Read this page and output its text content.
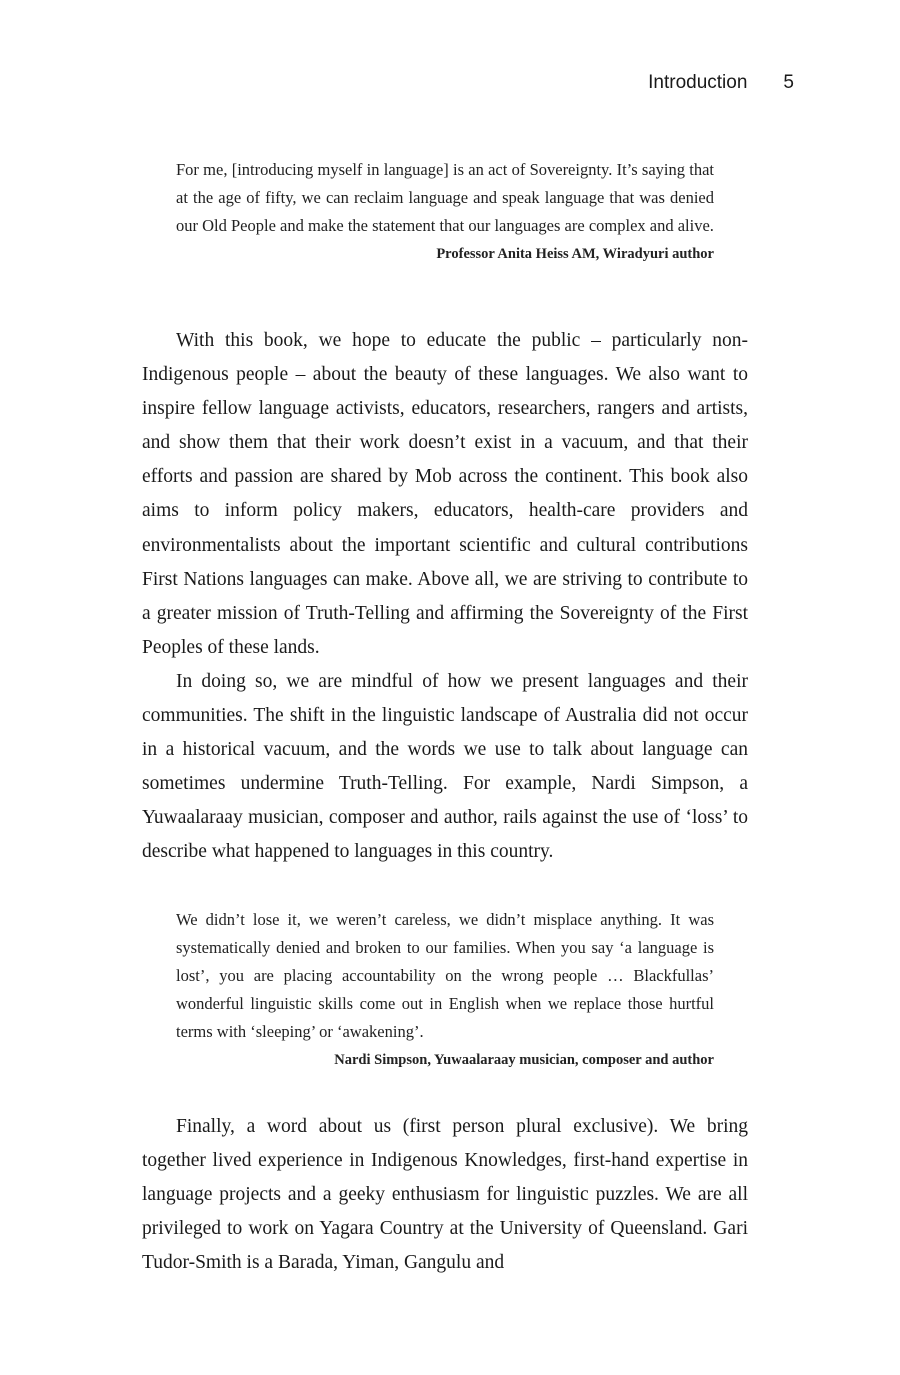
Introduction 5

For me, [introducing myself in language] is an act of Sovereignty. It’s saying that at the age of fifty, we can reclaim language and speak language that was denied our Old People and make the statement that our languages are complex and alive.

Professor Anita Heiss AM, Wiradyuri author

With this book, we hope to educate the public – particularly non-Indigenous people – about the beauty of these languages. We also want to inspire fellow language activists, educators, researchers, rangers and artists, and show them that their work doesn’t exist in a vacuum, and that their efforts and passion are shared by Mob across the continent. This book also aims to inform policy makers, educators, health-care providers and environmentalists about the important scientific and cultural contributions First Nations languages can make. Above all, we are striving to contribute to a greater mission of Truth-Telling and affirming the Sovereignty of the First Peoples of these lands.

In doing so, we are mindful of how we present languages and their communities. The shift in the linguistic landscape of Australia did not occur in a historical vacuum, and the words we use to talk about language can sometimes undermine Truth-Telling. For example, Nardi Simpson, a Yuwaalaraay musician, composer and author, rails against the use of ‘loss’ to describe what happened to languages in this country.

We didn’t lose it, we weren’t careless, we didn’t misplace anything. It was systematically denied and broken to our families. When you say ‘a language is lost’, you are placing accountability on the wrong people … Blackfullas’ wonderful linguistic skills come out in English when we replace those hurtful terms with ‘sleeping’ or ‘awakening’.

Nardi Simpson, Yuwaalaraay musician, composer and author

Finally, a word about us (first person plural exclusive). We bring together lived experience in Indigenous Knowledges, first-hand expertise in language projects and a geeky enthusiasm for linguistic puzzles. We are all privileged to work on Yagara Country at the University of Queensland. Gari Tudor-Smith is a Barada, Yiman, Gangulu and
